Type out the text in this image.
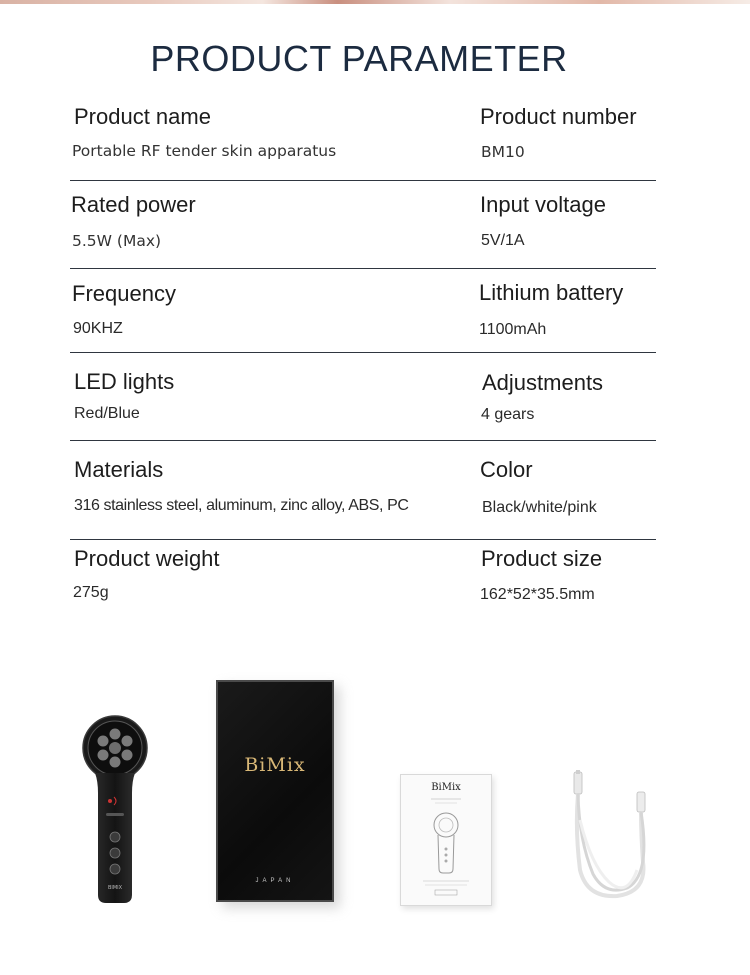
PRODUCT PARAMETER
Product name
Portable RF tender skin apparatus
Product number
BM10
Rated power
5.5W (Max)
Input voltage
5V/1A
Frequency
90KHZ
Lithium battery
1100mAh
LED lights
Red/Blue
Adjustments
4 gears
Materials
316 stainless steel, aluminum, zinc alloy, ABS, PC
Color
Black/white/pink
Product weight
275g
Product size
162*52*35.5mm
BIMIX
BiMix
JAPAN
BiMix
